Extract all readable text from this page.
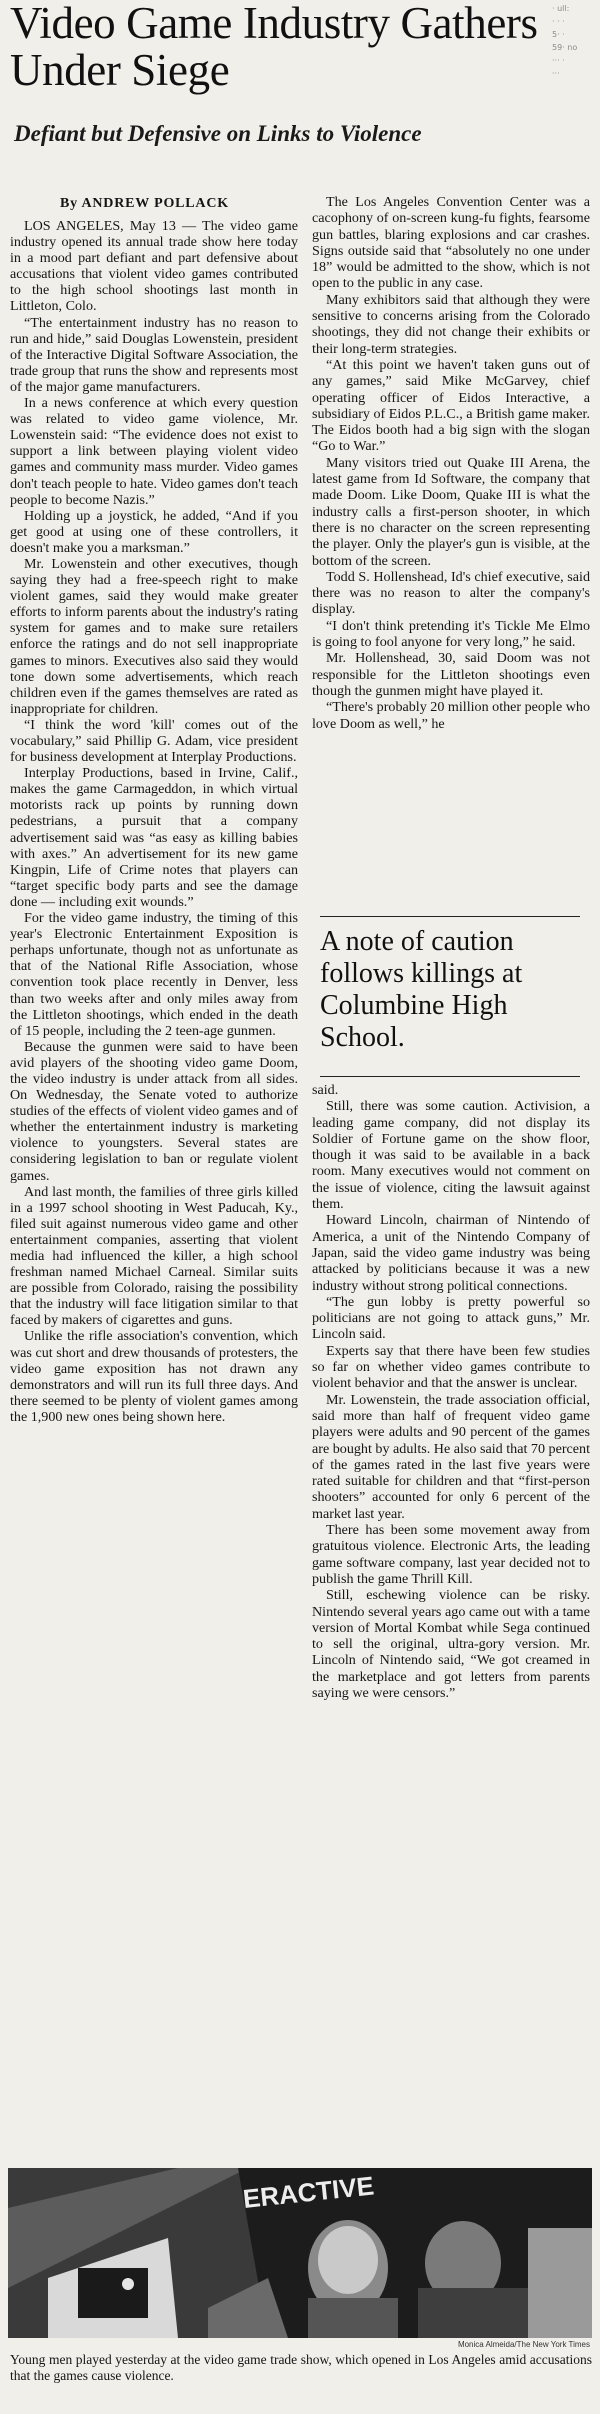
Video Game Industry Gathers Under Siege
Defiant but Defensive on Links to Violence
· ull:
· · ·
5· ·
59· no
··· ·
···
By ANDREW POLLACK

LOS ANGELES, May 13 — The video game industry opened its annual trade show here today in a mood part defiant and part defensive about accusations that violent video games contributed to the high school shootings last month in Littleton, Colo.

“The entertainment industry has no reason to run and hide,” said Douglas Lowenstein, president of the Interactive Digital Software Association, the trade group that runs the show and represents most of the major game manufacturers.

In a news conference at which every question was related to video game violence, Mr. Lowenstein said: “The evidence does not exist to support a link between playing violent video games and community mass murder. Video games don't teach people to hate. Video games don't teach people to become Nazis.”

Holding up a joystick, he added, “And if you get good at using one of these controllers, it doesn't make you a marksman.”

Mr. Lowenstein and other executives, though saying they had a free-speech right to make violent games, said they would make greater efforts to inform parents about the industry's rating system for games and to make sure retailers enforce the ratings and do not sell inappropriate games to minors. Executives also said they would tone down some advertisements, which reach children even if the games themselves are rated as inappropriate for children.

“I think the word 'kill' comes out of the vocabulary,” said Phillip G. Adam, vice president for business development at Interplay Productions.

Interplay Productions, based in Irvine, Calif., makes the game Carmageddon, in which virtual motorists rack up points by running down pedestrians, a pursuit that a company advertisement said was “as easy as killing babies with axes.” An advertisement for its new game Kingpin, Life of Crime notes that players can “target specific body parts and see the damage done — including exit wounds.”

For the video game industry, the timing of this year's Electronic Entertainment Exposition is perhaps unfortunate, though not as unfortunate as that of the National Rifle Association, whose convention took place recently in Denver, less than two weeks after and only miles away from the Littleton shootings, which ended in the death of 15 people, including the 2 teen-age gunmen.

Because the gunmen were said to have been avid players of the shooting video game Doom, the video industry is under attack from all sides. On Wednesday, the Senate voted to authorize studies of the effects of violent video games and of whether the entertainment industry is marketing violence to youngsters. Several states are considering legislation to ban or regulate violent games.

And last month, the families of three girls killed in a 1997 school shooting in West Paducah, Ky., filed suit against numerous video game and other entertainment companies, asserting that violent media had influenced the killer, a high school freshman named Michael Carneal. Similar suits are possible from Colorado, raising the possibility that the industry will face litigation similar to that faced by makers of cigarettes and guns.

Unlike the rifle association's convention, which was cut short and drew thousands of protesters, the video game exposition has not drawn any demonstrators and will run its full three days. And there seemed to be plenty of violent games among the 1,900 new ones being shown here.

The Los Angeles Convention Center was a cacophony of on-screen kung-fu fights, fearsome gun battles, blaring explosions and car crashes. Signs outside said that “absolutely no one under 18” would be admitted to the show, which is not open to the public in any case.

Many exhibitors said that although they were sensitive to concerns arising from the Colorado shootings, they did not change their exhibits or their long-term strategies.

“At this point we haven't taken guns out of any games,” said Mike McGarvey, chief operating officer of Eidos Interactive, a subsidiary of Eidos P.L.C., a British game maker. The Eidos booth had a big sign with the slogan “Go to War.”

Many visitors tried out Quake III Arena, the latest game from Id Software, the company that made Doom. Like Doom, Quake III is what the industry calls a first-person shooter, in which there is no character on the screen representing the player. Only the player's gun is visible, at the bottom of the screen.

Todd S. Hollenshead, Id's chief executive, said there was no reason to alter the company's display.

“I don't think pretending it's Tickle Me Elmo is going to fool anyone for very long,” he said.

Mr. Hollenshead, 30, said Doom was not responsible for the Littleton shootings even though the gunmen might have played it.

“There's probably 20 million other people who love Doom as well,” he

A note of caution follows killings at Columbine High School.

said.

Still, there was some caution. Activision, a leading game company, did not display its Soldier of Fortune game on the show floor, though it was said to be available in a back room. Many executives would not comment on the issue of violence, citing the lawsuit against them.

Howard Lincoln, chairman of Nintendo of America, a unit of the Nintendo Company of Japan, said the video game industry was being attacked by politicians because it was a new industry without strong political connections.

“The gun lobby is pretty powerful so politicians are not going to attack guns,” Mr. Lincoln said.

Experts say that there have been few studies so far on whether video games contribute to violent behavior and that the answer is unclear.

Mr. Lowenstein, the trade association official, said more than half of frequent video game players were adults and 90 percent of the games are bought by adults. He also said that 70 percent of the games rated in the last five years were rated suitable for children and that “first-person shooters” accounted for only 6 percent of the market last year.

There has been some movement away from gratuitous violence. Electronic Arts, the leading game software company, last year decided not to publish the game Thrill Kill.

Still, eschewing violence can be risky. Nintendo several years ago came out with a tame version of Mortal Kombat while Sega continued to sell the original, ultra-gory version. Mr. Lincoln of Nintendo said, “We got creamed in the marketplace and got letters from parents saying we were censors.”

ERACTIVE
Monica Almeida/The New York Times
Young men played yesterday at the video game trade show, which opened in Los Angeles amid accusations that the games cause violence.
